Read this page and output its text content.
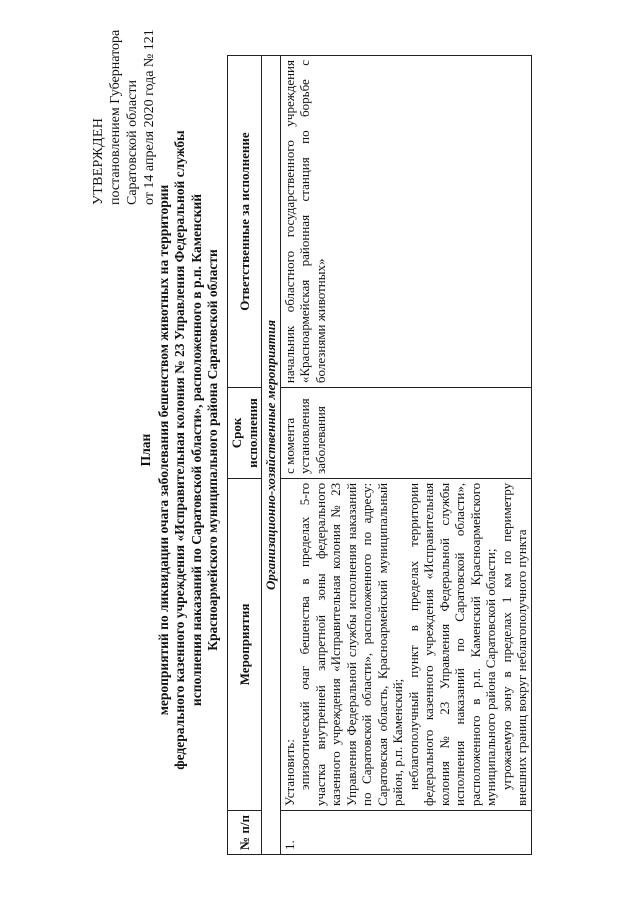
УТВЕРЖДЕН постановлением Губернатора Саратовской области от 14 апреля 2020 года № 121
План мероприятий по ликвидации очага заболевания бешенством животных на территории федерального казенного учреждения «Исправительная колония № 23 Управления Федеральной службы исполнения наказаний по Саратовской области», расположенного в р.п. Каменский Красноармейского муниципального района Саратовской области
№ п/п	Мероприятия	Срок исполнения	Ответственные за исполнение
Организационно-хозяйственные мероприятия			
1.	Установить: эпизоотический очаг бешенства в пределах 5-го участка внутренней запретной зоны федерального казенного учреждения «Исправительная колония № 23 Управления Федеральной службы исполнения наказаний по Саратовской области», расположенного по адресу: Саратовская область, Красноармейский муниципальный район, р.п. Каменский; неблагополучный пункт в пределах территории федерального казенного учреждения «Исправительная колония № 23 Управления Федеральной службы исполнения наказаний по Саратовской области», расположенного в р.п. Каменский Красноармейского муниципального района Саратовской области; угрожаемую зону в пределах 1 км по периметру внешних границ вокруг неблагополучного пункта	с момента установления заболевания	начальник областного государственного учреждения «Красноармейская районная станция по борьбе с болезнями животных»
